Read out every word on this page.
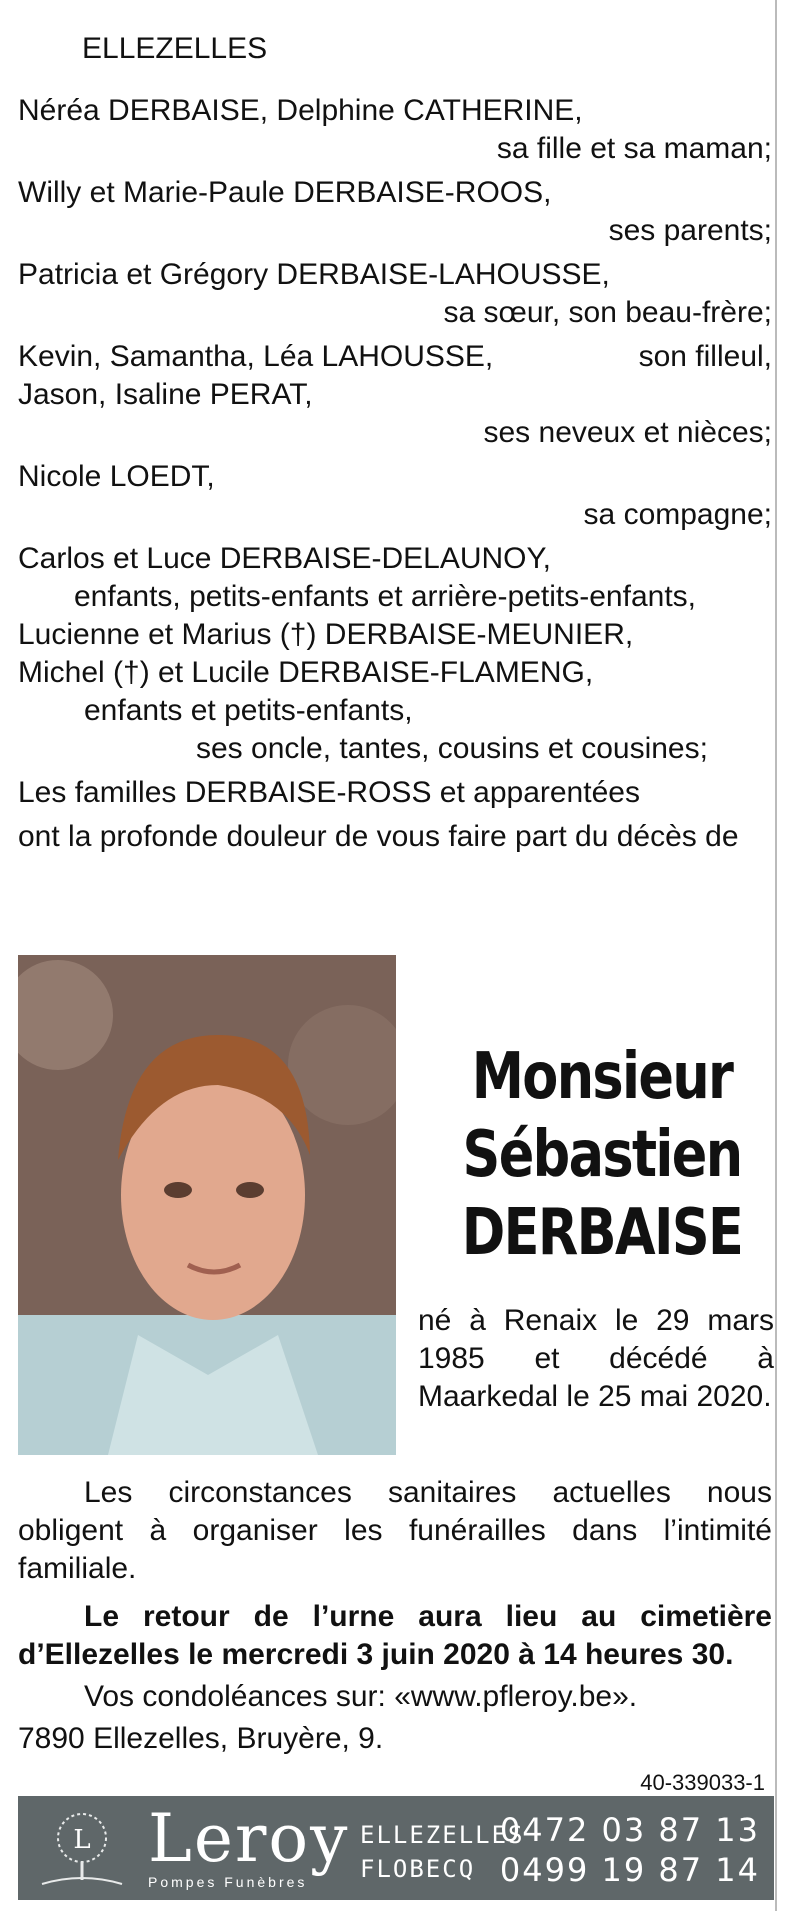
ELLEZELLES
Néréa DERBAISE, Delphine CATHERINE,
sa fille et sa maman;
Willy et Marie-Paule DERBAISE-ROOS,
ses parents;
Patricia et Grégory DERBAISE-LAHOUSSE,
sa sœur, son beau-frère;
Kevin, Samantha, Léa LAHOUSSE,	son filleul,
Jason, Isaline PERAT,
ses neveux et nièces;
Nicole LOEDT,
sa compagne;
Carlos et Luce DERBAISE-DELAUNOY,
enfants, petits-enfants et arrière-petits-enfants,
Lucienne et Marius (†) DERBAISE-MEUNIER,
Michel (†) et Lucile DERBAISE-FLAMENG,
enfants et petits-enfants,
ses oncle, tantes, cousins et cousines;
Les familles DERBAISE-ROSS et apparentées
ont la profonde douleur de vous faire part du décès de
Monsieur
Sébastien
DERBAISE
né à Renaix le 29 mars 1985 et décédé à Maarkedal le 25 mai 2020.
Les circonstances sanitaires actuelles nous obligent à organiser les funérailles dans l’intimité familiale.
Le retour de l’urne aura lieu au cimetière d’Ellezelles le mercredi 3 juin 2020 à 14 heures 30.
Vos condoléances sur: «www.pfleroy.be».
7890 Ellezelles, Bruyère, 9.
40-339033-1
L Leroy
Pompes Funèbres
ELLEZELLES
FLOBECQ
0472 03 87 13
0499 19 87 14
